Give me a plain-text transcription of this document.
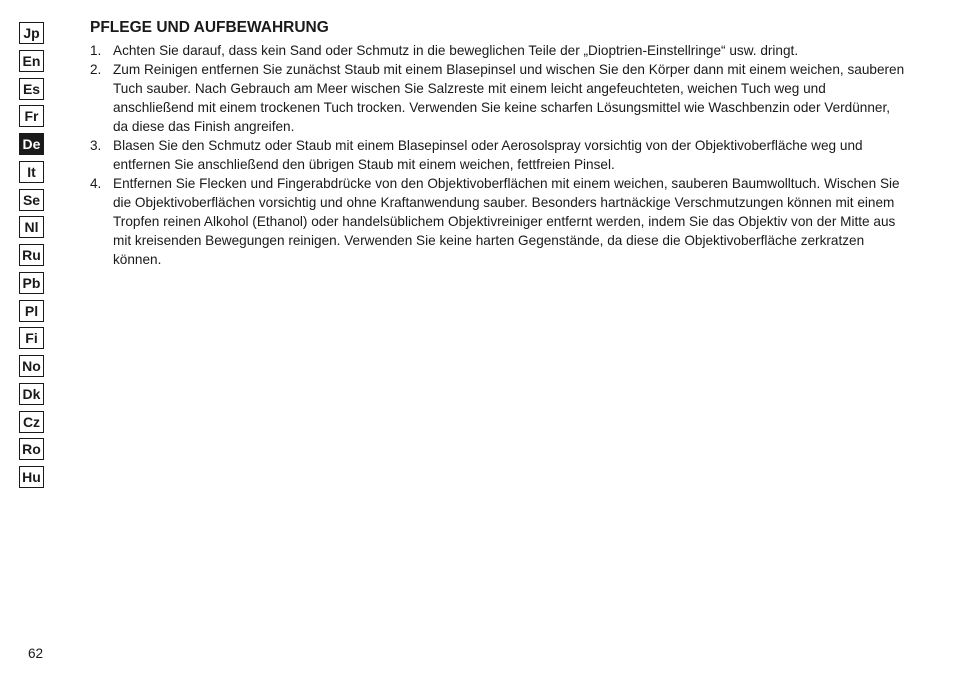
Jp
En
Es
Fr
De
It
Se
Nl
Ru
Pb
Pl
Fi
No
Dk
Cz
Ro
Hu
PFLEGE UND AUFBEWAHRUNG
1. Achten Sie darauf, dass kein Sand oder Schmutz in die beweglichen Teile der „Dioptrien-Einstellringe“ usw. dringt.
2. Zum Reinigen entfernen Sie zunächst Staub mit einem Blasepinsel und wischen Sie den Körper dann mit einem weichen, sauberen Tuch sauber. Nach Gebrauch am Meer wischen Sie Salzreste mit einem leicht angefeuchteten, weichen Tuch weg und anschließend mit einem trockenen Tuch trocken. Verwenden Sie keine scharfen Lösungsmittel wie Waschbenzin oder Verdünner, da diese das Finish angreifen.
3. Blasen Sie den Schmutz oder Staub mit einem Blasepinsel oder Aerosolspray vorsichtig von der Objektivoberfläche weg und entfernen Sie anschließend den übrigen Staub mit einem weichen, fettfreien Pinsel.
4. Entfernen Sie Flecken und Fingerabdrücke von den Objektivoberflächen mit einem weichen, sauberen Baumwolltuch. Wischen Sie die Objektivoberflächen vorsichtig und ohne Kraftanwendung sauber. Besonders hartnäckige Verschmutzungen können mit einem Tropfen reinen Alkohol (Ethanol) oder handelsüblichem Objektivreiniger entfernt werden, indem Sie das Objektiv von der Mitte aus mit kreisenden Bewegungen reinigen. Verwenden Sie keine harten Gegenstände, da diese die Objektivoberfläche zerkratzen können.
62
